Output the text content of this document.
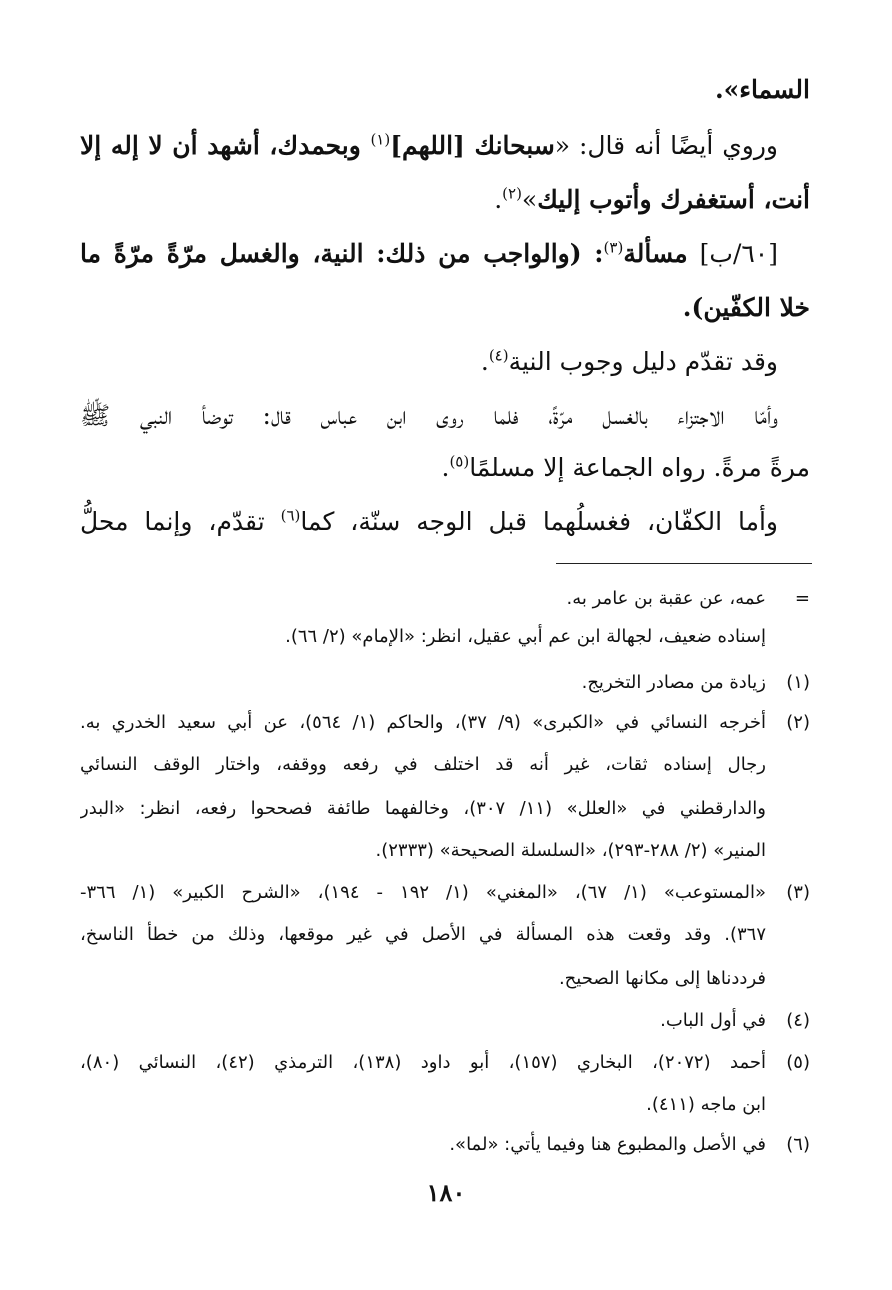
السماء».
وروي أيضًا أنه قال: «سبحانك [اللهم]$^{(١)}$ وبحمدك، أشهد أن لا إله إلا
أنت، أستغفرك وأتوب إليك»$^{(٢)}$.
[٦٠/ب] مسألة$^{(٣)}$: (والواجب من ذلك: النية، والغسل مرّةً مرّةً ما
خلا الكفّين).
وقد تقدّم دليل وجوب النية$^{(٤)}$.
وأمّا الاجتزاء بالغسل مرّةً، فلما روى ابن عباس قال: توضأ النبي ﷺ
مرةً مرةً. رواه الجماعة إلا مسلمًا$^{(٥)}$.
وأما الكفّان، فغسلُهما قبل الوجه سنّة، كما$^{(٦)}$ تقدّم، وإنما محلُّ
=
عمه، عن عقبة بن عامر به.
إسناده ضعيف، لجهالة ابن عم أبي عقيل، انظر: «الإمام» (٢/ ٦٦).
(١)
زيادة من مصادر التخريج.
(٢)
أخرجه النسائي في «الكبرى» (٩/ ٣٧)، والحاكم (١/ ٥٦٤)، عن أبي سعيد الخدري به.
رجال إسناده ثقات، غير أنه قد اختلف في رفعه ووقفه، واختار الوقف النسائي
والدارقطني في «العلل» (١١/ ٣٠٧)، وخالفهما طائفة فصححوا رفعه، انظر: «البدر
المنير» (٢/ ٢٨٨-٢٩٣)، «السلسلة الصحيحة» (٢٣٣٣).
(٣)
«المستوعب» (١/ ٦٧)، «المغني» (١/ ١٩٢ - ١٩٤)، «الشرح الكبير» (١/ ٣٦٦-
٣٦٧). وقد وقعت هذه المسألة في الأصل في غير موقعها، وذلك من خطأ الناسخ،
فرددناها إلى مكانها الصحيح.
(٤)
في أول الباب.
(٥)
أحمد (٢٠٧٢)، البخاري (١٥٧)، أبو داود (١٣٨)، الترمذي (٤٢)، النسائي (٨٠)،
ابن ماجه (٤١١).
(٦)
في الأصل والمطبوع هنا وفيما يأتي: «لما».
١٨٠
